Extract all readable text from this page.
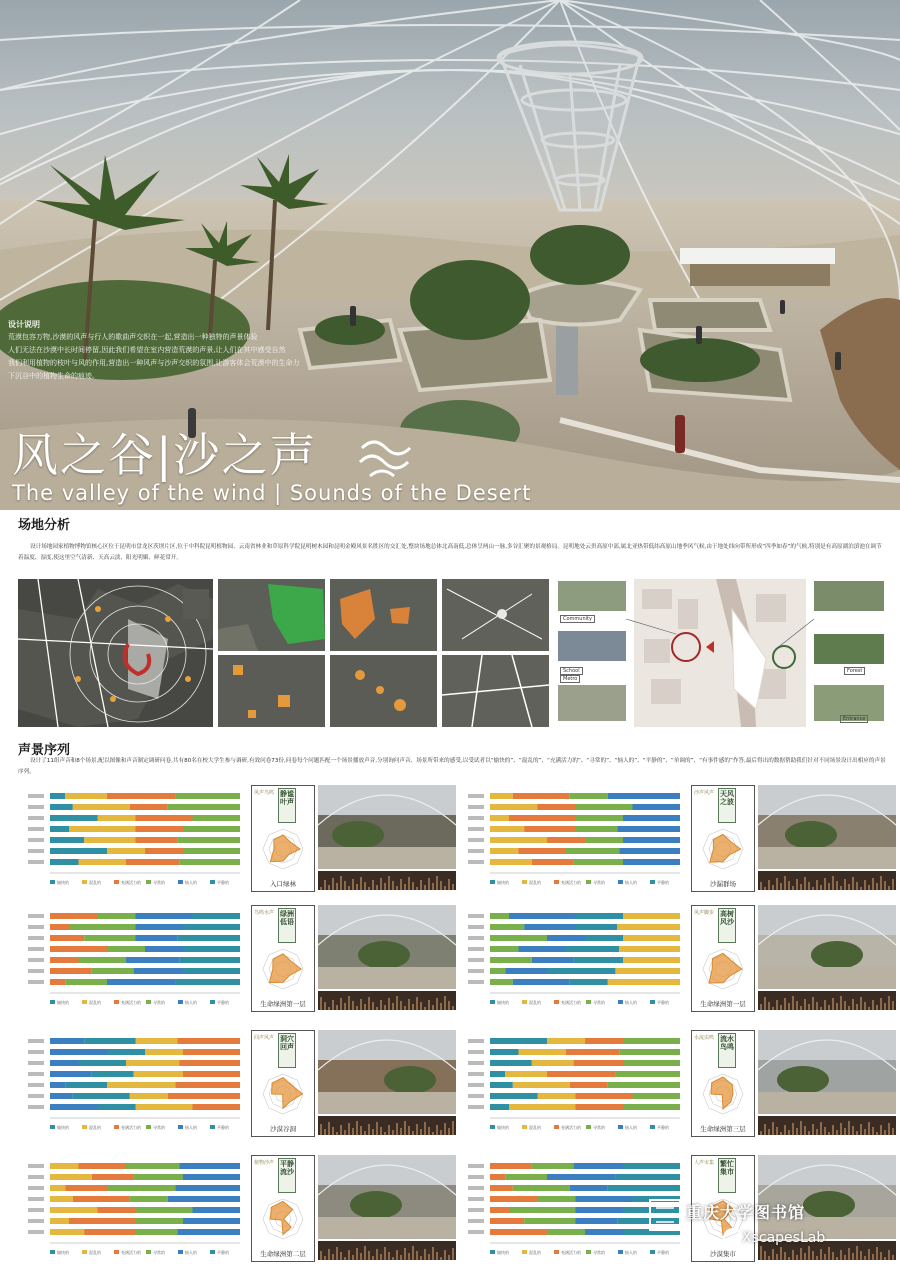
设计说明
荒漠包容万物,沙漠的风声与行人的歌曲声交织在一起,营造出一种独特的声景体验
人们无法在沙漠中长时间停留,因此我们希望在室内营造荒漠的声景,让人们在其中感受自然
我们利用植物的枝叶与风的作用,营造出一种风声与沙声交织的氛围,让游客体会荒漠中的生命力
下沉谷中的植物生命的痕迹。
风之谷|沙之声
The valley of the wind | Sounds of the Desert
场地分析
设计场地园家植物博物馆核心区位于昆明市盘龙区茨坝片区,位于中科院昆明植物园、云南省林业和草原科学院昆明树木园和昆明金殿风景名胜区的交汇处,整块场地总体北高南低,总体呈两山一脉,多谷汇聚的景观格局。昆明地处云贵高原中部,属北亚热带低纬高原山地季风气候,由于地处纬向带所形成“四季如春”的气候,特别是有高原湖泊滇池在调节着温度、湿度,使这里空气清新、天高云淡、阳光明媚、鲜花常开。
Community
School
Metro
Forest
Entrance
声景序列
设计了11组声音和8个场景,配以图像和声音制定调研问卷,共有80名在校大学生参与调研,有效问卷73份,问卷每个问题匹配一个场景播放声音,分别询问声音、场景所带来的感受,以受试者以“愉快的”、“混乱的”、“充满活力的”、“寻常的”、“恼人的”、“平静的”、“单调的”、“有事件感的”作答,最后得出的数据帮助我们针对不同场景设计出相应的声景序列。
愉快的	混乱的	充满活力的	寻常的	恼人的	平静的
风声鸟鸣 静谧叶声
入口绿林	愉快的	混乱的	充满活力的	寻常的	恼人的	平静的
沙声风声 天风之波
沙漏群场
愉快的	混乱的	充满活力的	寻常的	恼人的	平静的
鸟鸣水声 绿洲低语
生命绿洲第一层	愉快的	混乱的	充满活力的	寻常的	恼人的	平静的
风声脚步 高树风沙
生命绿洲第一层
愉快的	混乱的	充满活力的	寻常的	恼人的	平静的
回声风声 洞穴回声
沙漠谷洞	愉快的	混乱的	充满活力的	寻常的	恼人的	平静的
水流虫鸣 流水鸟鸣
生命绿洲第三层
愉快的	混乱的	充满活力的	寻常的	恼人的	平静的
植物沙声 平静流沙
生命绿洲第二层	愉快的	混乱的	充满活力的	寻常的	恼人的	平静的
人声市集 繁忙集市
沙漠集市
重庆大学图书馆
XscapesLab
